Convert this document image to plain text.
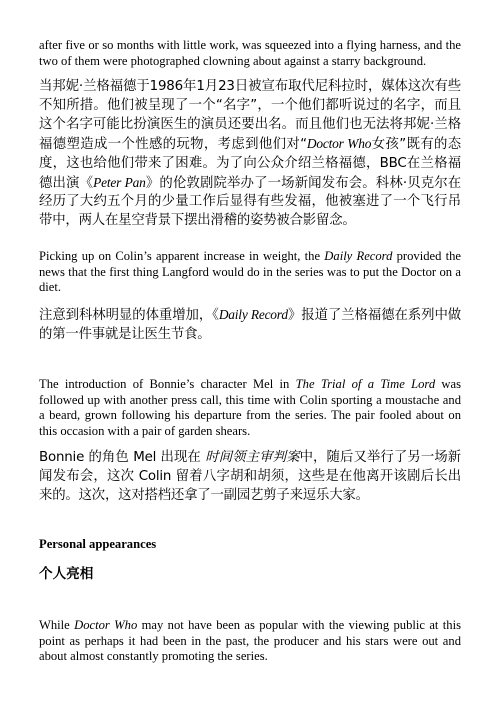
after five or so months with little work, was squeezed into a flying harness, and the two of them were photographed clowning about against a starry background.

当邦妮·兰格福德于1986年1月23日被宣布取代尼科拉时，媒体这次有些不知所措。他们被呈现了一个“名字”，一个他们都听说过的名字，而且这个名字可能比扮演医生的演员还要出名。而且他们也无法将邦妮·兰格福德塑造成一个性感的玩物，考虑到他们对“Doctor Who女孩”既有的态度，这也给他们带来了困难。为了向公众介绍兰格福德，BBC在兰格福德出演《Peter Pan》的伦敦剧院举办了一场新闻发布会。科林·贝克尔在经历了大约五个月的少量工作后显得有些发福，他被塞进了一个飞行吊带中，两人在星空背景下摆出滑稽的姿势被合影留念。

Picking up on Colin’s apparent increase in weight, the Daily Record provided the news that the first thing Langford would do in the series was to put the Doctor on a diet.

注意到科林明显的体重增加，《Daily Record》报道了兰格福德在系列中做的第一件事就是让医生节食。

The introduction of Bonnie’s character Mel in The Trial of a Time Lord was followed up with another press call, this time with Colin sporting a moustache and a beard, grown following his departure from the series. The pair fooled about on this occasion with a pair of garden shears.

Bonnie 的角色 Mel 出现在 时间领主审判案中，随后又举行了另一场新闻发布会，这次 Colin 留着八字胡和胡须，这些是在他离开该剧后长出来的。这次，这对搭档还拿了一副园艺剪子来逗乐大家。

Personal appearances
个人亮相

While Doctor Who may not have been as popular with the viewing public at this point as perhaps it had been in the past, the producer and his stars were out and about almost constantly promoting the series.
